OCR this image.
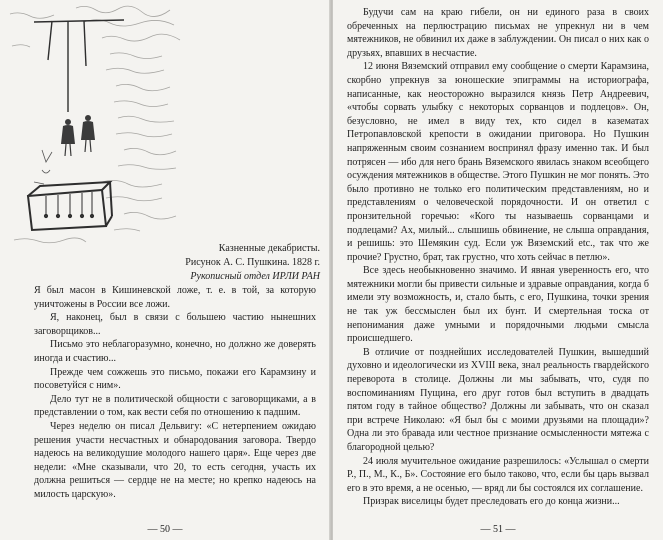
Казненные декабристы.
Рисунок А. С. Пушкина. 1828 г.
Рукописный отдел ИРЛИ РАН

Я был масон в Кишиневской ложе, т. е. в той, за которую уничтожены в России все ложи.

Я, наконец, был в связи с большею частию нынешних заговорщиков...

Письмо это неблагоразумно, конечно, но должно же доверять иногда и счастию...

Прежде чем сожжешь это письмо, покажи его Карамзину и посоветуйся с ним».

Дело тут не в политической общности с заговорщиками, а в представлении о том, как вести себя по отношению к падшим.

Через неделю он писал Дельвигу: «С нетерпением ожидаю решения участи несчастных и обнародования заговора. Твердо надеюсь на великодушие молодого нашего царя». Еще через две недели: «Мне сказывали, что 20, то есть сегодня, участь их должна решиться — сердце не на месте; но крепко надеюсь на милость царскую».

— 50 —

Будучи сам на краю гибели, он ни единого раза в своих обреченных на перлюстрацию письмах не упрекнул ни в чем мятежников, не обвинил их даже в заблуждении. Он писал о них как о друзьях, впавших в несчастие.

12 июня Вяземский отправил ему сообщение о смерти Карамзина, скорбно упрекнув за юношеские эпиграммы на историографа, написанные, как неосторожно выразился князь Петр Андреевич, «чтобы сорвать улыбку с некоторых сорванцов и подлецов». Он, безусловно, не имел в виду тех, кто сидел в казематах Петропавловской крепости в ожидании приговора. Но Пушкин напряженным своим сознанием воспринял фразу именно так. И был потрясен — ибо для него брань Вяземского явилась знаком всеобщего осуждения мятежников в обществе. Этого Пушкин не мог понять. Это было противно не только его политическим представлениям, но и представлениям о человеческой порядочности. И он ответил с пронзительной горечью: «Кого ты называешь сорванцами и подлецами? Ах, милый... слышишь обвинение, не слыша оправдания, и решишь: это Шемякин суд. Если уж Вяземский etc., так что же прочие? Грустно, брат, так грустно, что хоть сейчас в петлю».

Все здесь необыкновенно значимо. И явная уверенность его, что мятежники могли бы привести сильные и здравые оправдания, когда б имели эту возможность, и, стало быть, с его, Пушкина, точки зрения не так уж бессмыслен был их бунт. И смертельная тоска от непонимания даже умными и порядочными людьми смысла происшедшего.

В отличие от позднейших исследователей Пушкин, вышедший духовно и идеологически из XVIII века, знал реальность гвардейского переворота в столице. Должны ли мы забывать, что, судя по воспоминаниям Пущина, его друг готов был вступить в двадцать пятом году в тайное общество? Должны ли забывать, что он сказал при встрече Николаю: «Я был бы с моими друзьями на площади»? Одна ли это бравада или честное признание осмысленности мятежа с благородной целью?

24 июля мучительное ожидание разрешилось: «Услышал о смерти Р., П., М., К., Б». Состояние его было таково, что, если бы царь вызвал его в это время, а не осенью, — вряд ли бы состоялся их соглашение.

Призрак виселицы будет преследовать его до конца жизни...

— 51 —
